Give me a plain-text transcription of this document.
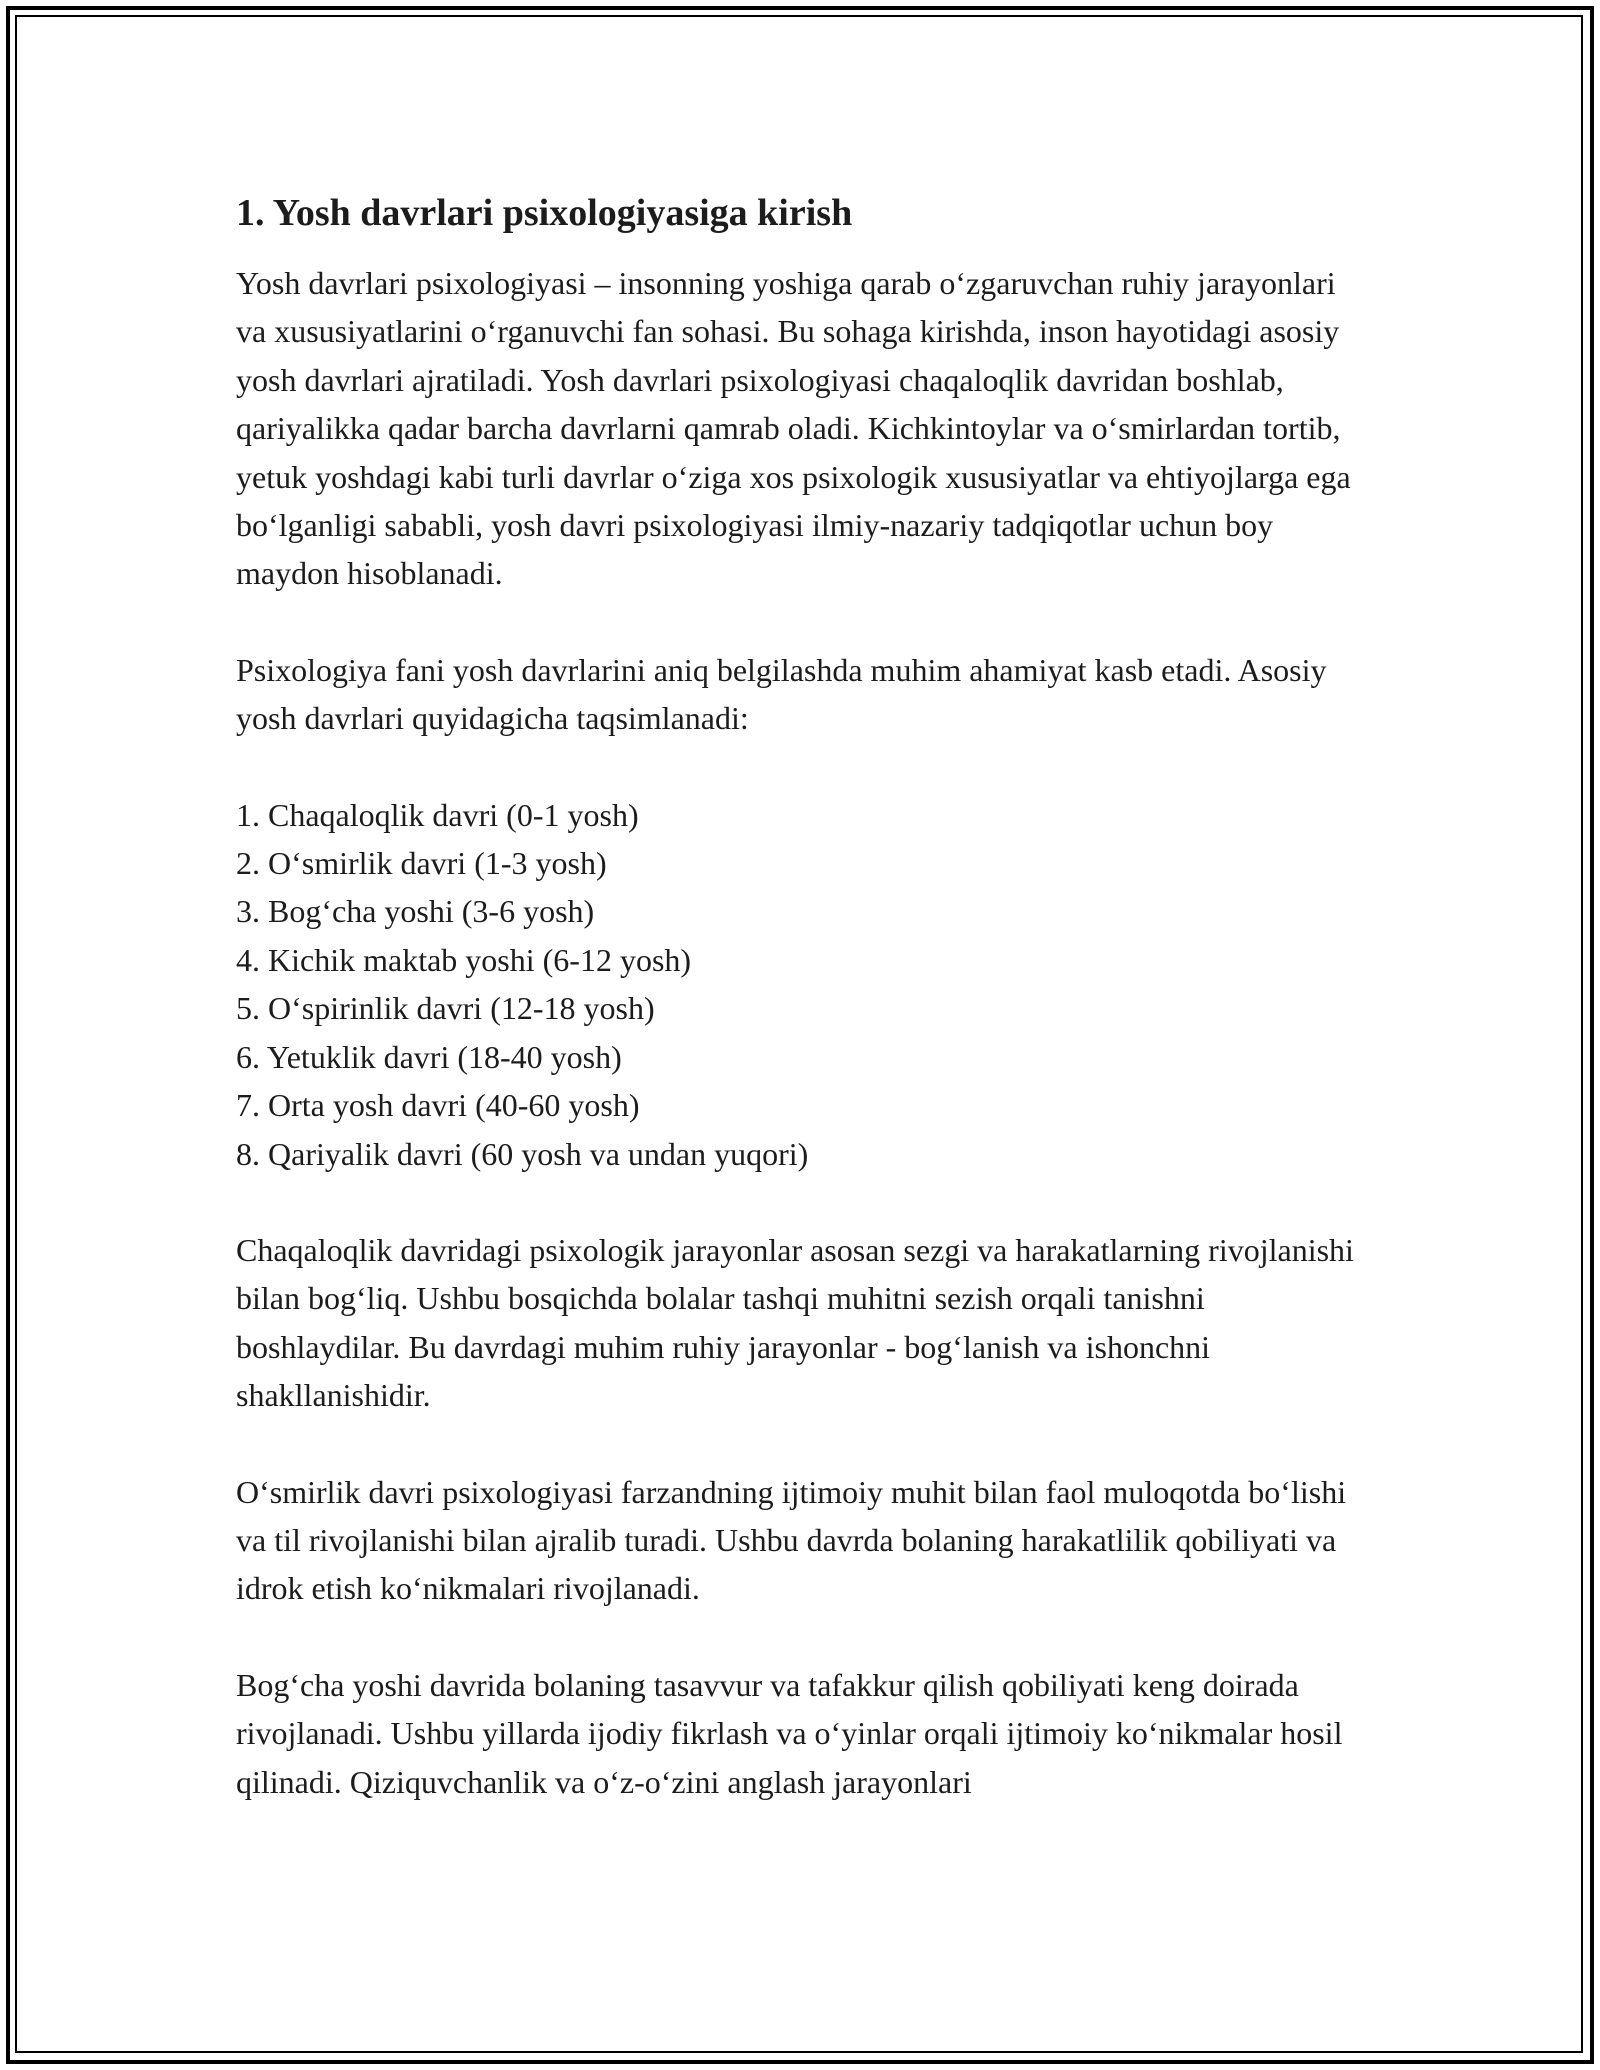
1. Yosh davrlari psixologiyasiga kirish

Yosh davrlari psixologiyasi – insonning yoshiga qarab o‘zgaruvchan ruhiy jarayonlari va xususiyatlarini o‘rganuvchi fan sohasi. Bu sohaga kirishda, inson hayotidagi asosiy yosh davrlari ajratiladi. Yosh davrlari psixologiyasi chaqaloqlik davridan boshlab, qariyalikka qadar barcha davrlarni qamrab oladi. Kichkintoylar va o‘smirlardan tortib, yetuk yoshdagi kabi turli davrlar o‘ziga xos psixologik xususiyatlar va ehtiyojlarga ega bo‘lganligi sababli, yosh davri psixologiyasi ilmiy-nazariy tadqiqotlar uchun boy maydon hisoblanadi.

Psixologiya fani yosh davrlarini aniq belgilashda muhim ahamiyat kasb etadi. Asosiy yosh davrlari quyidagicha taqsimlanadi:

1. Chaqaloqlik davri (0-1 yosh)
2. O‘smirlik davri (1-3 yosh)
3. Bog‘cha yoshi (3-6 yosh)
4. Kichik maktab yoshi (6-12 yosh)
5. O‘spirinlik davri (12-18 yosh)
6. Yetuklik davri (18-40 yosh)
7. Orta yosh davri (40-60 yosh)
8. Qariyalik davri (60 yosh va undan yuqori)

Chaqaloqlik davridagi psixologik jarayonlar asosan sezgi va harakatlarning rivojlanishi bilan bog‘liq. Ushbu bosqichda bolalar tashqi muhitni sezish orqali tanishni boshlaydilar. Bu davrdagi muhim ruhiy jarayonlar - bog‘lanish va ishonchni shakllanishidir.

O‘smirlik davri psixologiyasi farzandning ijtimoiy muhit bilan faol muloqotda bo‘lishi va til rivojlanishi bilan ajralib turadi. Ushbu davrda bolaning harakatlilik qobiliyati va idrok etish ko‘nikmalari rivojlanadi.

Bog‘cha yoshi davrida bolaning tasavvur va tafakkur qilish qobiliyati keng doirada rivojlanadi. Ushbu yillarda ijodiy fikrlash va o‘yinlar orqali ijtimoiy ko‘nikmalar hosil qilinadi. Qiziquvchanlik va o‘z-o‘zini anglash jarayonlari
